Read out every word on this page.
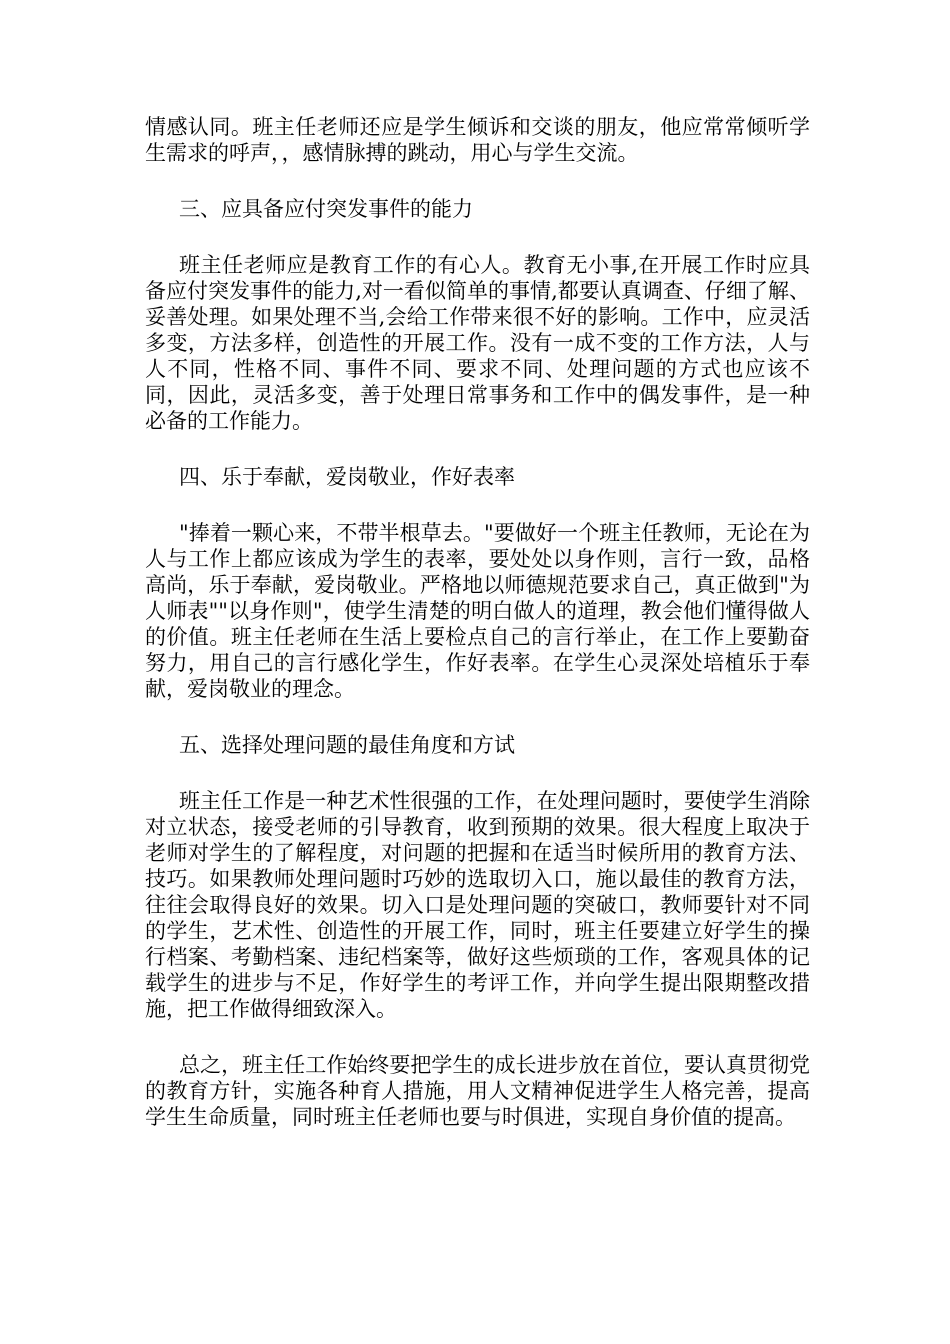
情感认同。班主任老师还应是学生倾诉和交谈的朋友，他应常常倾听学生需求的呼声，，感情脉搏的跳动，用心与学生交流。

三、应具备应付突发事件的能力

班主任老师应是教育工作的有心人。教育无小事,在开展工作时应具备应付突发事件的能力,对一看似简单的事情,都要认真调查、仔细了解、妥善处理。如果处理不当,会给工作带来很不好的影响。工作中，应灵活多变，方法多样，创造性的开展工作。没有一成不变的工作方法，人与人不同，性格不同、事件不同、要求不同、处理问题的方式也应该不同，因此，灵活多变，善于处理日常事务和工作中的偶发事件，是一种必备的工作能力。

四、乐于奉献，爱岗敬业，作好表率

"捧着一颗心来，不带半根草去。"要做好一个班主任教师，无论在为人与工作上都应该成为学生的表率，要处处以身作则，言行一致，品格高尚，乐于奉献，爱岗敬业。严格地以师德规范要求自己，真正做到"为人师表""以身作则"，使学生清楚的明白做人的道理，教会他们懂得做人的价值。班主任老师在生活上要检点自己的言行举止，在工作上要勤奋努力，用自己的言行感化学生，作好表率。在学生心灵深处培植乐于奉献，爱岗敬业的理念。

五、选择处理问题的最佳角度和方试

班主任工作是一种艺术性很强的工作，在处理问题时，要使学生消除对立状态，接受老师的引导教育，收到预期的效果。很大程度上取决于老师对学生的了解程度，对问题的把握和在适当时候所用的教育方法、技巧。如果教师处理问题时巧妙的选取切入口，施以最佳的教育方法，往往会取得良好的效果。切入口是处理问题的突破口，教师要针对不同的学生，艺术性、创造性的开展工作，同时，班主任要建立好学生的操行档案、考勤档案、违纪档案等，做好这些烦琐的工作，客观具体的记载学生的进步与不足，作好学生的考评工作，并向学生提出限期整改措施，把工作做得细致深入。

总之，班主任工作始终要把学生的成长进步放在首位，要认真贯彻党的教育方针，实施各种育人措施，用人文精神促进学生人格完善，提高学生生命质量，同时班主任老师也要与时俱进，实现自身价值的提高。
